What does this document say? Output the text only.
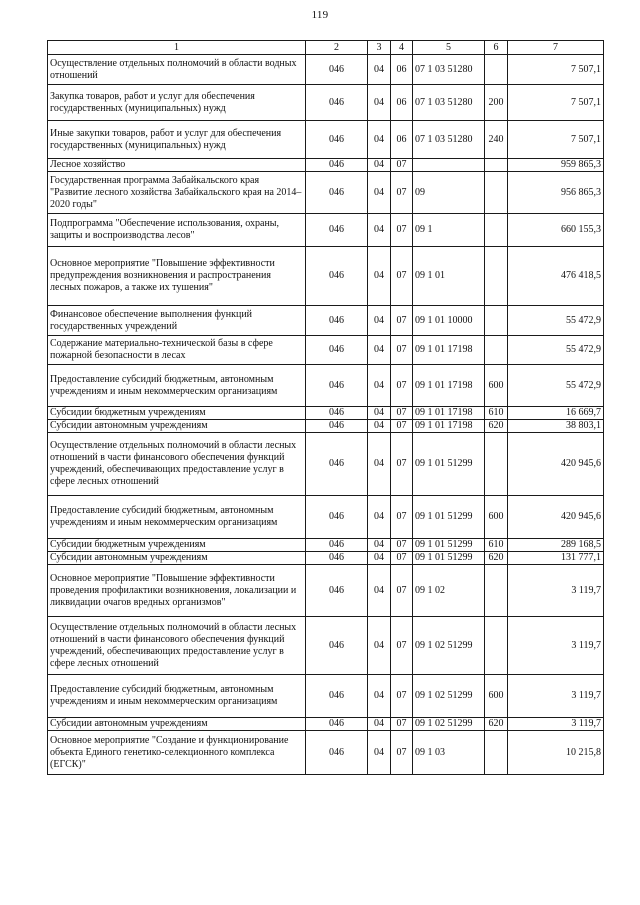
119
1	2	3	4	5	6	7
Осуществление отдельных полномочий в области водных отношений	046	04	06	07 1 03 51280		7 507,1
Закупка товаров, работ и услуг для обеспечения государственных (муниципальных) нужд	046	04	06	07 1 03 51280	200	7 507,1
Иные закупки товаров, работ и услуг для обеспечения государственных (муниципальных) нужд	046	04	06	07 1 03 51280	240	7 507,1
Лесное хозяйство	046	04	07			959 865,3
Государственная программа Забайкальского края "Развитие лесного хозяйства Забайкальского края на 2014–2020 годы"	046	04	07	09		956 865,3
Подпрограмма "Обеспечение использования, охраны, защиты и воспроизводства лесов"	046	04	07	09 1		660 155,3
Основное мероприятие "Повышение эффективности предупреждения возникновения и распространения лесных пожаров, а также их тушения"	046	04	07	09 1 01		476 418,5
Финансовое обеспечение выполнения функций государственных учреждений	046	04	07	09 1 01 10000		55 472,9
Содержание материально-технической базы в сфере пожарной безопасности в лесах	046	04	07	09 1 01 17198		55 472,9
Предоставление субсидий бюджетным, автономным учреждениям и иным некоммерческим организациям	046	04	07	09 1 01 17198	600	55 472,9
Субсидии бюджетным учреждениям	046	04	07	09 1 01 17198	610	16 669,7
Субсидии автономным учреждениям	046	04	07	09 1 01 17198	620	38 803,1
Осуществление отдельных полномочий в области лесных отношений в части финансового обеспечения функций учреждений, обеспечивающих предоставление услуг в сфере лесных отношений	046	04	07	09 1 01 51299		420 945,6
Предоставление субсидий бюджетным, автономным учреждениям и иным некоммерческим организациям	046	04	07	09 1 01 51299	600	420 945,6
Субсидии бюджетным учреждениям	046	04	07	09 1 01 51299	610	289 168,5
Субсидии автономным учреждениям	046	04	07	09 1 01 51299	620	131 777,1
Основное мероприятие "Повышение эффективности проведения профилактики возникновения, локализации и ликвидации очагов вредных организмов"	046	04	07	09 1 02		3 119,7
Осуществление отдельных полномочий в области лесных отношений в части финансового обеспечения функций учреждений, обеспечивающих предоставление услуг в сфере лесных отношений	046	04	07	09 1 02 51299		3 119,7
Предоставление субсидий бюджетным, автономным учреждениям и иным некоммерческим организациям	046	04	07	09 1 02 51299	600	3 119,7
Субсидии автономным учреждениям	046	04	07	09 1 02 51299	620	3 119,7
Основное мероприятие "Создание и функционирование объекта Единого генетико-селекционного комплекса (ЕГСК)"	046	04	07	09 1 03		10 215,8
